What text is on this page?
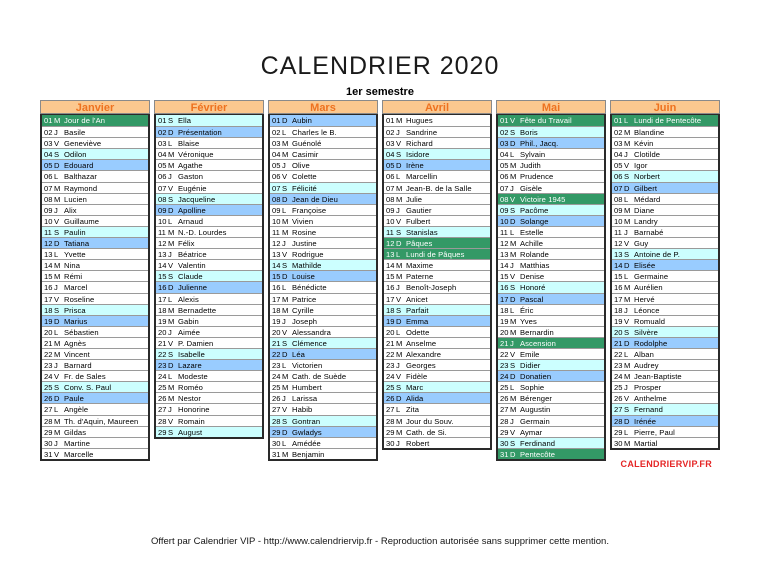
CALENDRIER 2020
1er semestre
Janvier
01 M Jour de l'An
02 J Basile
03 V Geneviève
04 S Odilon
05 D Edouard
06 L Balthazar
07 M Raymond
08 M Lucien
09 J Alix
10 V Guillaume
11 S Paulin
12 D Tatiana
13 L Yvette
14 M Nina
15 M Rémi
16 J Marcel
17 V Roseline
18 S Prisca
19 D Marius
20 L Sébastien
21 M Agnès
22 M Vincent
23 J Barnard
24 V Fr. de Sales
25 S Conv. S. Paul
26 D Paule
27 L Angèle
28 M Th. d'Aquin, Maureen
29 M Gildas
30 J Martine
31 V Marcelle
Février
01 S Ella
02 D Présentation
03 L Blaise
04 M Véronique
05 M Agathe
06 J Gaston
07 V Eugénie
08 S Jacqueline
09 D Apolline
10 L Arnaud
11 M N.-D. Lourdes
12 M Félix
13 J Béatrice
14 V Valentin
15 S Claude
16 D Julienne
17 L Alexis
18 M Bernadette
19 M Gabin
20 J Aimée
21 V P. Damien
22 S Isabelle
23 D Lazare
24 L Modeste
25 M Roméo
26 M Nestor
27 J Honorine
28 V Romain
29 S August
Mars
01 D Aubin
02 L Charles le B.
03 M Guénolé
04 M Casimir
05 J Olive
06 V Colette
07 S Félicité
08 D Jean de Dieu
09 L Françoise
10 M Vivien
11 M Rosine
12 J Justine
13 V Rodrigue
14 S Mathilde
15 D Louise
16 L Bénédicte
17 M Patrice
18 M Cyrille
19 J Joseph
20 V Alessandra
21 S Clémence
22 D Léa
23 L Victorien
24 M Cath. de Suède
25 M Humbert
26 J Larissa
27 V Habib
28 S Gontran
29 D Gwladys
30 L Amédée
31 M Benjamin
Avril
01 M Hugues
02 J Sandrine
03 V Richard
04 S Isidore
05 D Irène
06 L Marcellin
07 M Jean-B. de la Salle
08 M Julie
09 J Gautier
10 V Fulbert
11 S Stanislas
12 D Pâques
13 L Lundi de Pâques
14 M Maxime
15 M Paterne
16 J Benoît-Joseph
17 V Anicet
18 S Parfait
19 D Emma
20 L Odette
21 M Anselme
22 M Alexandre
23 J Georges
24 V Fidèle
25 S Marc
26 D Alida
27 L Zita
28 M Jour du Souv.
29 M Cath. de Si.
30 J Robert
Mai
01 V Fête du Travail
02 S Boris
03 D Phil., Jacq.
04 L Sylvain
05 M Judith
06 M Prudence
07 J Gisèle
08 V Victoire 1945
09 S Pacôme
10 D Solange
11 L Estelle
12 M Achille
13 M Rolande
14 J Matthias
15 V Denise
16 S Honoré
17 D Pascal
18 L Éric
19 M Yves
20 M Bernardin
21 J Ascension
22 V Emile
23 S Didier
24 D Donatien
25 L Sophie
26 M Bérenger
27 M Augustin
28 J Germain
29 V Aymar
30 S Ferdinand
31 D Pentecôte
Juin
01 L Lundi de Pentecôte
02 M Blandine
03 M Kévin
04 J Clotilde
05 V Igor
06 S Norbert
07 D Gilbert
08 L Médard
09 M Diane
10 M Landry
11 J Barnabé
12 V Guy
13 S Antoine de P.
14 D Elisée
15 L Germaine
16 M Aurélien
17 M Hervé
18 J Léonce
19 V Romuald
20 S Silvère
21 D Rodolphe
22 L Alban
23 M Audrey
24 M Jean-Baptiste
25 J Prosper
26 V Anthelme
27 S Fernand
28 D Irénée
29 L Pierre, Paul
30 M Martial
CALENDRIERVIP.FR
Offert par Calendrier VIP - http://www.calendriervip.fr - Reproduction autorisée sans supprimer cette mention.
